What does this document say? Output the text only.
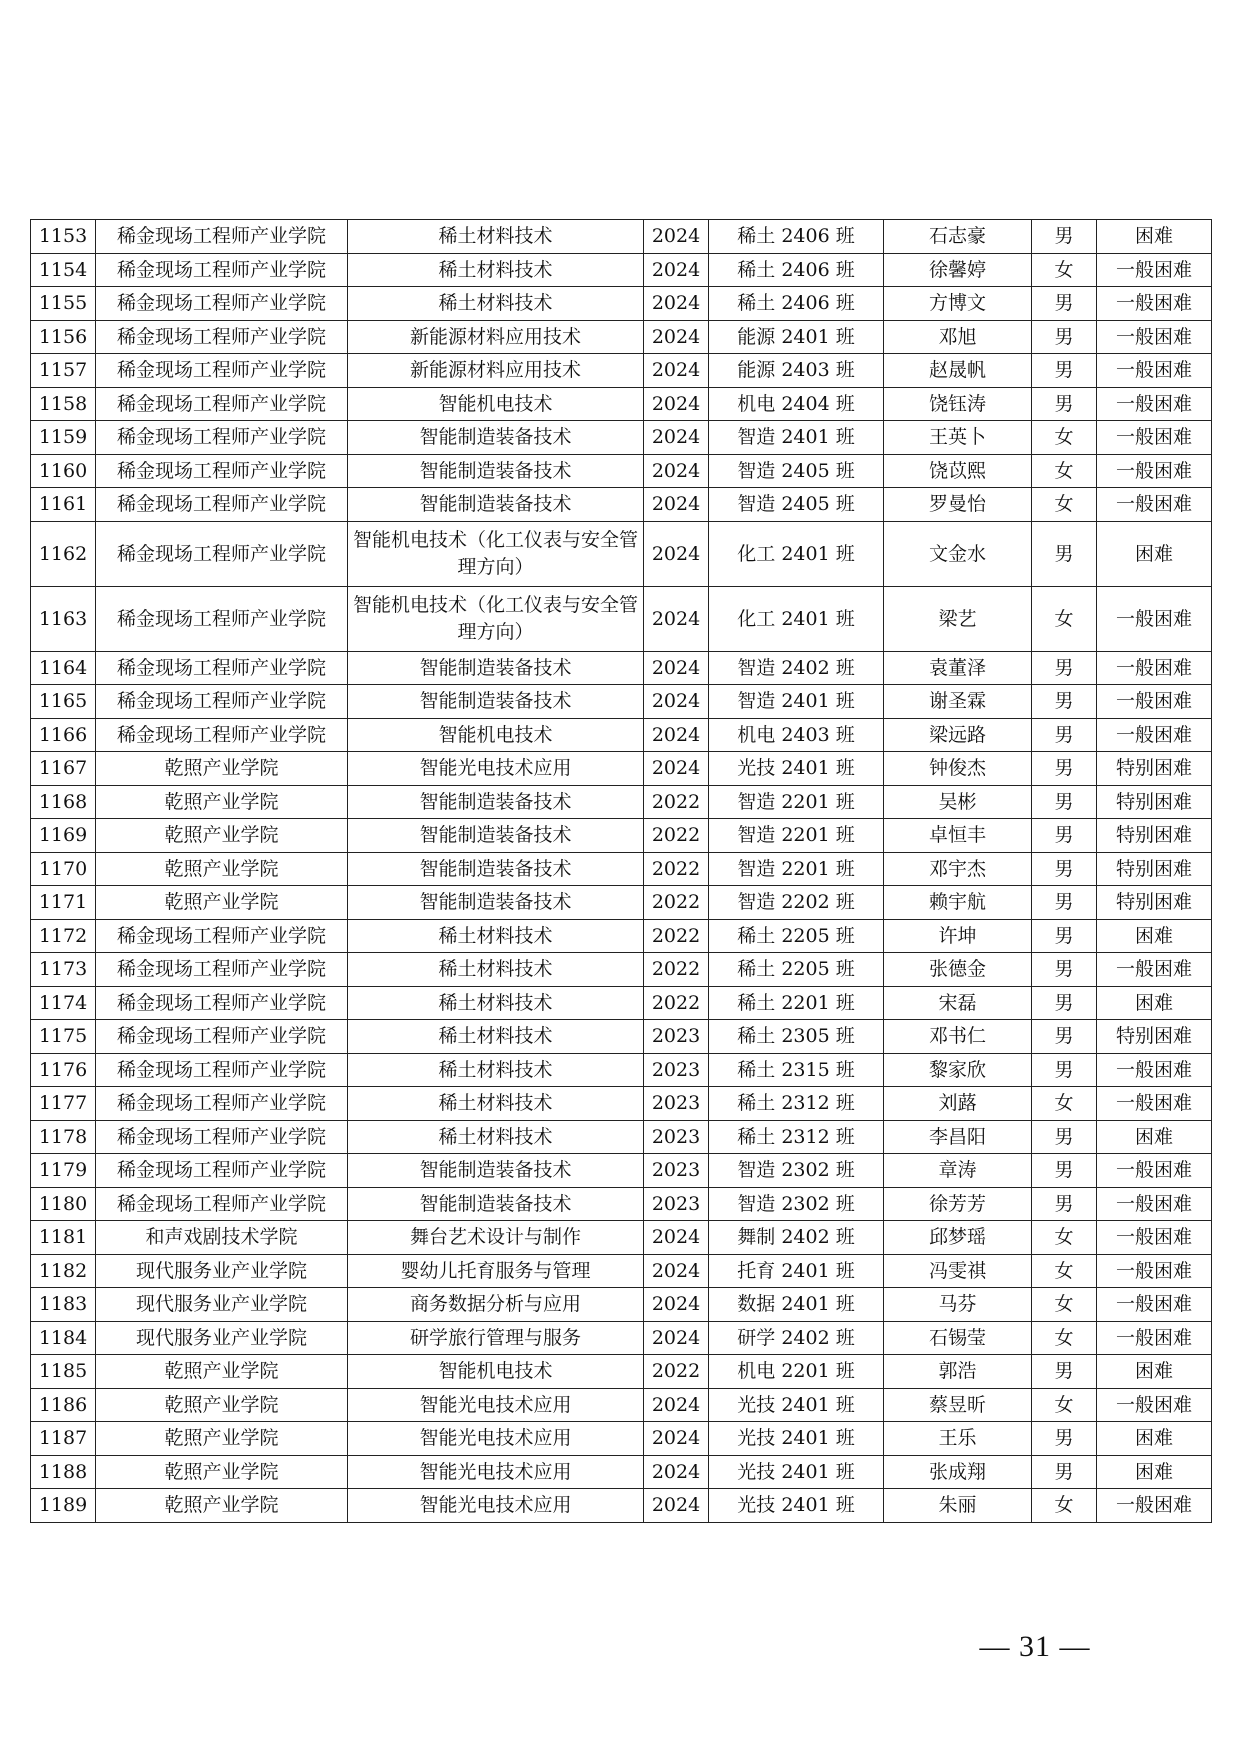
1153	稀金现场工程师产业学院	稀土材料技术	2024	稀土 2406 班	石志豪	男	困难
1154	稀金现场工程师产业学院	稀土材料技术	2024	稀土 2406 班	徐馨婷	女	一般困难
1155	稀金现场工程师产业学院	稀土材料技术	2024	稀土 2406 班	方博文	男	一般困难
1156	稀金现场工程师产业学院	新能源材料应用技术	2024	能源 2401 班	邓旭	男	一般困难
1157	稀金现场工程师产业学院	新能源材料应用技术	2024	能源 2403 班	赵晟帆	男	一般困难
1158	稀金现场工程师产业学院	智能机电技术	2024	机电 2404 班	饶钰涛	男	一般困难
1159	稀金现场工程师产业学院	智能制造装备技术	2024	智造 2401 班	王英卜	女	一般困难
1160	稀金现场工程师产业学院	智能制造装备技术	2024	智造 2405 班	饶苡熙	女	一般困难
1161	稀金现场工程师产业学院	智能制造装备技术	2024	智造 2405 班	罗曼怡	女	一般困难
1162	稀金现场工程师产业学院	智能机电技术（化工仪表与安全管理方向）	2024	化工 2401 班	文金水	男	困难
1163	稀金现场工程师产业学院	智能机电技术（化工仪表与安全管理方向）	2024	化工 2401 班	梁艺	女	一般困难
1164	稀金现场工程师产业学院	智能制造装备技术	2024	智造 2402 班	袁董泽	男	一般困难
1165	稀金现场工程师产业学院	智能制造装备技术	2024	智造 2401 班	谢圣霖	男	一般困难
1166	稀金现场工程师产业学院	智能机电技术	2024	机电 2403 班	梁远路	男	一般困难
1167	乾照产业学院	智能光电技术应用	2024	光技 2401 班	钟俊杰	男	特别困难
1168	乾照产业学院	智能制造装备技术	2022	智造 2201 班	吴彬	男	特别困难
1169	乾照产业学院	智能制造装备技术	2022	智造 2201 班	卓恒丰	男	特别困难
1170	乾照产业学院	智能制造装备技术	2022	智造 2201 班	邓宇杰	男	特别困难
1171	乾照产业学院	智能制造装备技术	2022	智造 2202 班	赖宇航	男	特别困难
1172	稀金现场工程师产业学院	稀土材料技术	2022	稀土 2205 班	许坤	男	困难
1173	稀金现场工程师产业学院	稀土材料技术	2022	稀土 2205 班	张德金	男	一般困难
1174	稀金现场工程师产业学院	稀土材料技术	2022	稀土 2201 班	宋磊	男	困难
1175	稀金现场工程师产业学院	稀土材料技术	2023	稀土 2305 班	邓书仁	男	特别困难
1176	稀金现场工程师产业学院	稀土材料技术	2023	稀土 2315 班	黎家欣	男	一般困难
1177	稀金现场工程师产业学院	稀土材料技术	2023	稀土 2312 班	刘蕗	女	一般困难
1178	稀金现场工程师产业学院	稀土材料技术	2023	稀土 2312 班	李昌阳	男	困难
1179	稀金现场工程师产业学院	智能制造装备技术	2023	智造 2302 班	章涛	男	一般困难
1180	稀金现场工程师产业学院	智能制造装备技术	2023	智造 2302 班	徐芳芳	男	一般困难
1181	和声戏剧技术学院	舞台艺术设计与制作	2024	舞制 2402 班	邱梦瑶	女	一般困难
1182	现代服务业产业学院	婴幼儿托育服务与管理	2024	托育 2401 班	冯雯祺	女	一般困难
1183	现代服务业产业学院	商务数据分析与应用	2024	数据 2401 班	马芬	女	一般困难
1184	现代服务业产业学院	研学旅行管理与服务	2024	研学 2402 班	石锡莹	女	一般困难
1185	乾照产业学院	智能机电技术	2022	机电 2201 班	郭浩	男	困难
1186	乾照产业学院	智能光电技术应用	2024	光技 2401 班	蔡昱昕	女	一般困难
1187	乾照产业学院	智能光电技术应用	2024	光技 2401 班	王乐	男	困难
1188	乾照产业学院	智能光电技术应用	2024	光技 2401 班	张成翔	男	困难
1189	乾照产业学院	智能光电技术应用	2024	光技 2401 班	朱丽	女	一般困难
— 31 —
